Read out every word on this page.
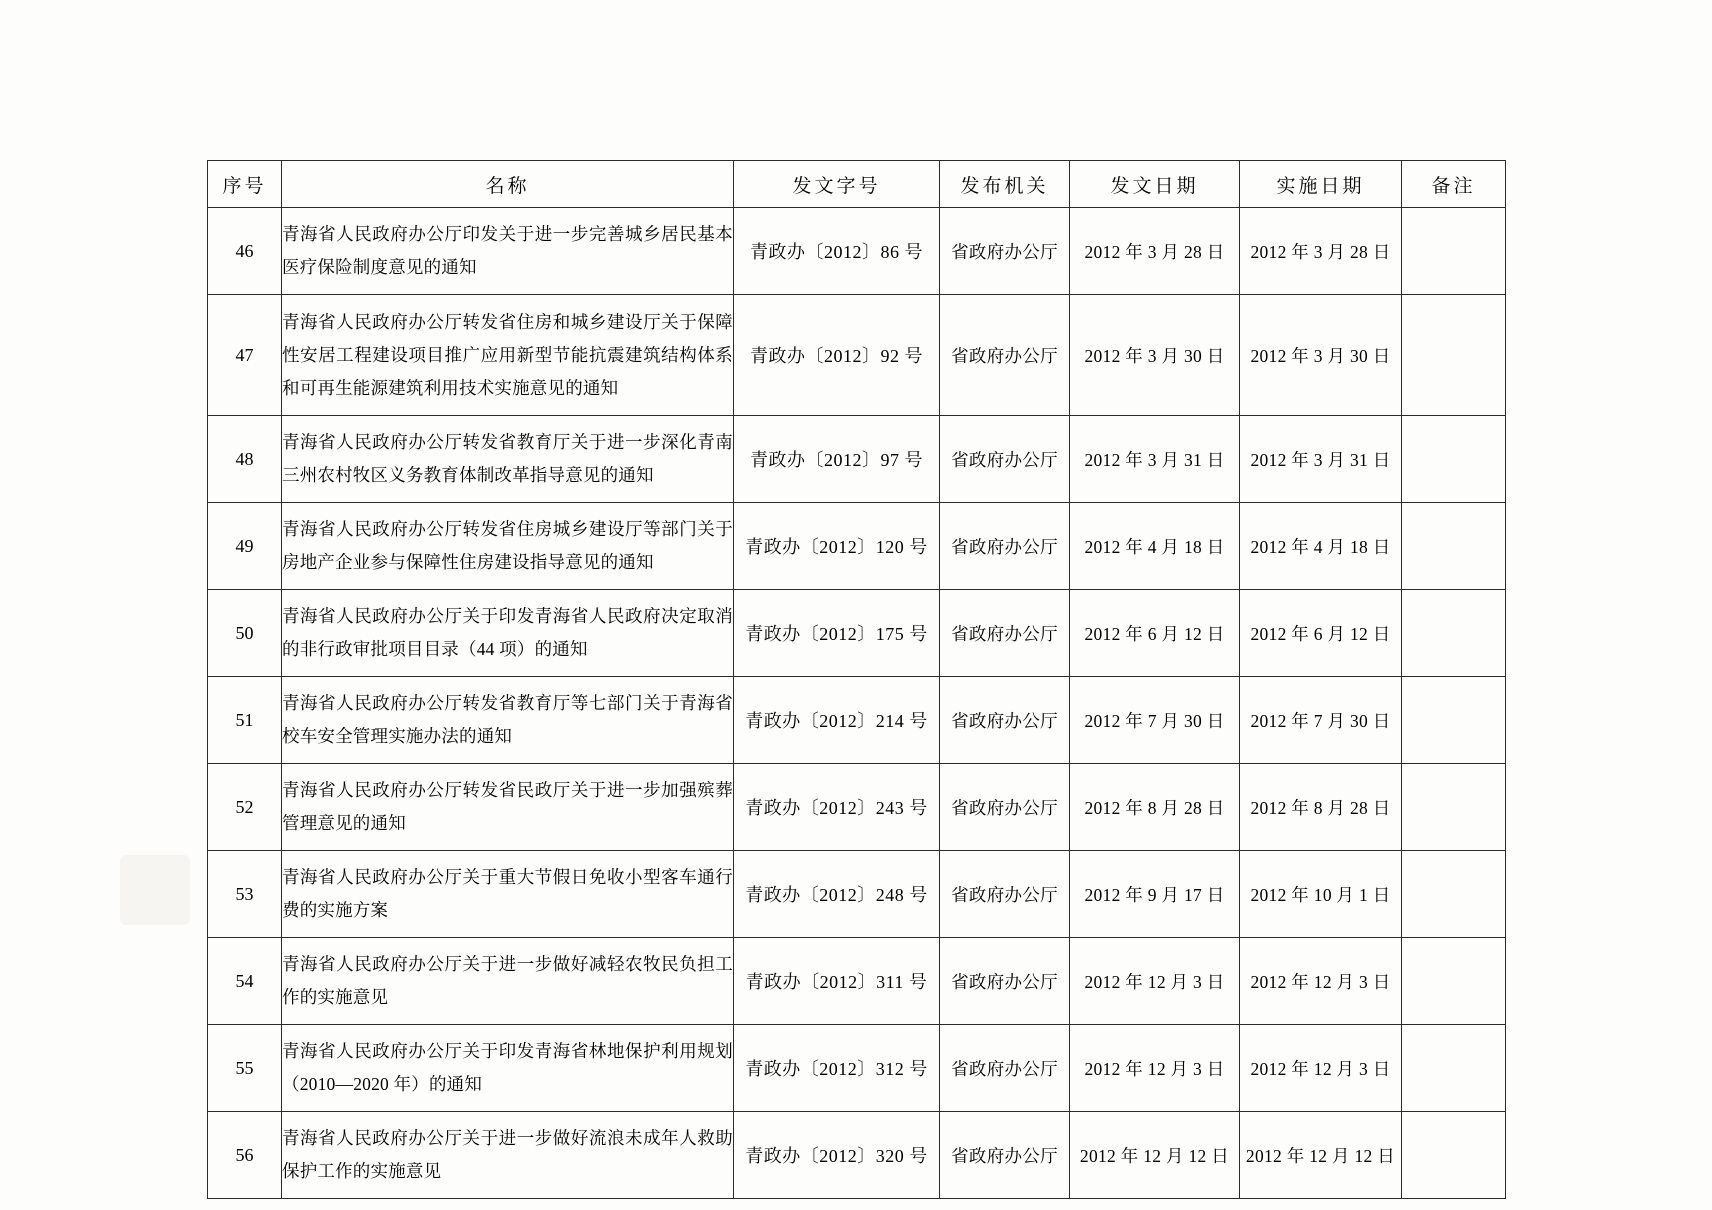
序号	名称	发文字号	发布机关	发文日期	实施日期	备注
46	青海省人民政府办公厅印发关于进一步完善城乡居民基本医疗保险制度意见的通知	青政办〔2012〕86 号	省政府办公厅	2012 年 3 月 28 日	2012 年 3 月 28 日	
47	青海省人民政府办公厅转发省住房和城乡建设厅关于保障性安居工程建设项目推广应用新型节能抗震建筑结构体系和可再生能源建筑利用技术实施意见的通知	青政办〔2012〕92 号	省政府办公厅	2012 年 3 月 30 日	2012 年 3 月 30 日	
48	青海省人民政府办公厅转发省教育厅关于进一步深化青南三州农村牧区义务教育体制改革指导意见的通知	青政办〔2012〕97 号	省政府办公厅	2012 年 3 月 31 日	2012 年 3 月 31 日	
49	青海省人民政府办公厅转发省住房城乡建设厅等部门关于房地产企业参与保障性住房建设指导意见的通知	青政办〔2012〕120 号	省政府办公厅	2012 年 4 月 18 日	2012 年 4 月 18 日	
50	青海省人民政府办公厅关于印发青海省人民政府决定取消的非行政审批项目目录（44 项）的通知	青政办〔2012〕175 号	省政府办公厅	2012 年 6 月 12 日	2012 年 6 月 12 日	
51	青海省人民政府办公厅转发省教育厅等七部门关于青海省校车安全管理实施办法的通知	青政办〔2012〕214 号	省政府办公厅	2012 年 7 月 30 日	2012 年 7 月 30 日	
52	青海省人民政府办公厅转发省民政厅关于进一步加强殡葬管理意见的通知	青政办〔2012〕243 号	省政府办公厅	2012 年 8 月 28 日	2012 年 8 月 28 日	
53	青海省人民政府办公厅关于重大节假日免收小型客车通行费的实施方案	青政办〔2012〕248 号	省政府办公厅	2012 年 9 月 17 日	2012 年 10 月 1 日	
54	青海省人民政府办公厅关于进一步做好减轻农牧民负担工作的实施意见	青政办〔2012〕311 号	省政府办公厅	2012 年 12 月 3 日	2012 年 12 月 3 日	
55	青海省人民政府办公厅关于印发青海省林地保护利用规划（2010—2020 年）的通知	青政办〔2012〕312 号	省政府办公厅	2012 年 12 月 3 日	2012 年 12 月 3 日	
56	青海省人民政府办公厅关于进一步做好流浪未成年人救助保护工作的实施意见	青政办〔2012〕320 号	省政府办公厅	2012 年 12 月 12 日	2012 年 12 月 12 日	
